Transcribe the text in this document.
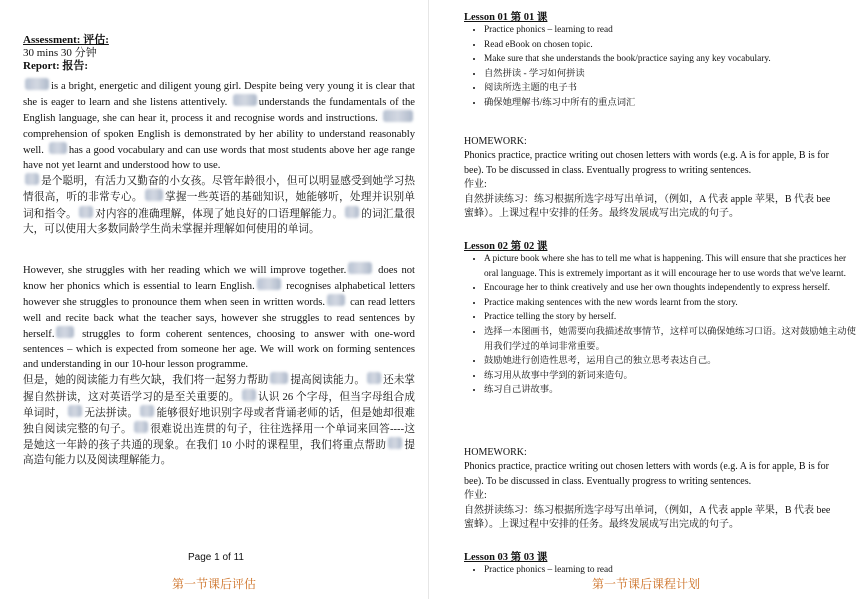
Assessment: 评估:
30 mins 30 分钟
Report: 报告:

is a bright, energetic and diligent young girl. Despite being very young it is clear that she is eager to learn and she listens attentively.	understands the fundamentals of the English language, she can hear it, process it and recognise words and instructions. comprehension of spoken English is demonstrated by her ability to understand reasonably well. has a good vocabulary and can use words that most students above her age range have not yet learnt and understood how to use.

是个聪明，有活力又勤奋的小女孩。尽管年龄很小，但可以明显感受到她学习热情很高，听的非常专心。 掌握一些英语的基础知识，她能够听，处理并识别单词和指令。 对内容的准确理解，体现了她良好的口语理解能力。 的词汇量很大，可以使用大多数同龄学生尚未掌握并理解如何使用的单词。

However, she struggles with her reading which we will improve together.	does not know her phonics which is essential to learn English.	recognises alphabetical letters however she struggles to pronounce them when seen in written words. can read letters well and recite back what the teacher says, however she struggles to read sentences by herself.	struggles to form coherent sentences, choosing to answer with one-word sentences – which is expected from someone her age. We will work on forming sentences and understanding in our 10-hour lesson programme.

但是，她的阅读能力有些欠缺，我们将一起努力帮助 提高阅读能力。 还未掌握自然拼读，这对英语学习的是至关重要的。 认识 26 个字母，但当字母组合成单词时， 无法拼读。 能够很好地识别字母或者背诵老师的话，但是她却很难独自阅读完整的句子。 很难说出连贯的句子，往往选择用一个单词来回答----这是她这一年龄的孩子共通的现象。在我们 10 小时的课程里，我们将重点帮助 提高造句能力以及阅读理解能力。

Page 1 of 11
第一节课后评估
Lesson 01 第 01 课
• Practice phonics – learning to read
• Read eBook on chosen topic.
• Make sure that she understands the book/practice saying any key vocabulary.
• 自然拼读 - 学习如何拼读
• 阅读所选主题的电子书
• 确保她理解书/练习中所有的重点词汇

HOMEWORK:

Phonics practice, practice writing out chosen letters with words (e.g. A is for apple, B is for bee). To be discussed in class. Eventually progress to writing sentences.

作业:

自然拼读练习：练习根据所选字母写出单词，（例如，A 代表 apple 苹果，B 代表 bee 蜜蜂）。上课过程中安排的任务。最终发展成写出完成的句子。

Lesson 02 第 02 课
• A picture book where she has to tell me what is happening. This will ensure that she practices her oral language. This is extremely important as it will encourage her to use words that we've learnt.
• Encourage her to think creatively and use her own thoughts independently to express herself.
• Practice making sentences with the new words learnt from the story.
• Practice telling the story by herself.
• 选择一本图画书，她需要向我描述故事情节，这样可以确保她练习口语。这对鼓励她主动使用我们学过的单词非常重要。
• 鼓励她进行创造性思考，运用自己的独立思考表达自己。
• 练习用从故事中学到的新词来造句。
• 练习自己讲故事。

HOMEWORK:

Phonics practice, practice writing out chosen letters with words (e.g. A is for apple, B is for bee). To be discussed in class. Eventually progress to writing sentences.

作业:

自然拼读练习：练习根据所选字母写出单词，（例如，A 代表 apple 苹果，B 代表 bee 蜜蜂）。上课过程中安排的任务。最终发展成写出完成的句子。

Lesson 03 第 03 课
• Practice phonics – learning to read
第一节课后课程计划
